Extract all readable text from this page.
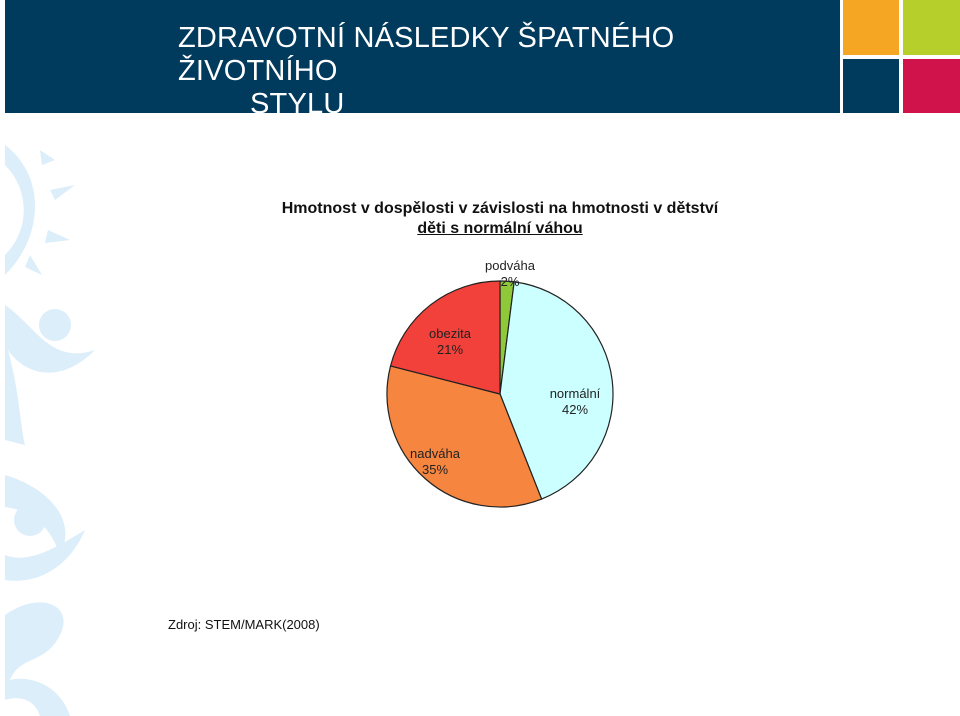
ZDRAVOTNÍ NÁSLEDKY ŠPATNÉHO ŽIVOTNÍHO

STYLU
Hmotnost v dospělosti v závislosti na hmotnosti v dětství
děti s normální váhou
podváha
2%
normální
42%
nadváha
35%
obezita
21%
Zdroj: STEM/MARK(2008)
